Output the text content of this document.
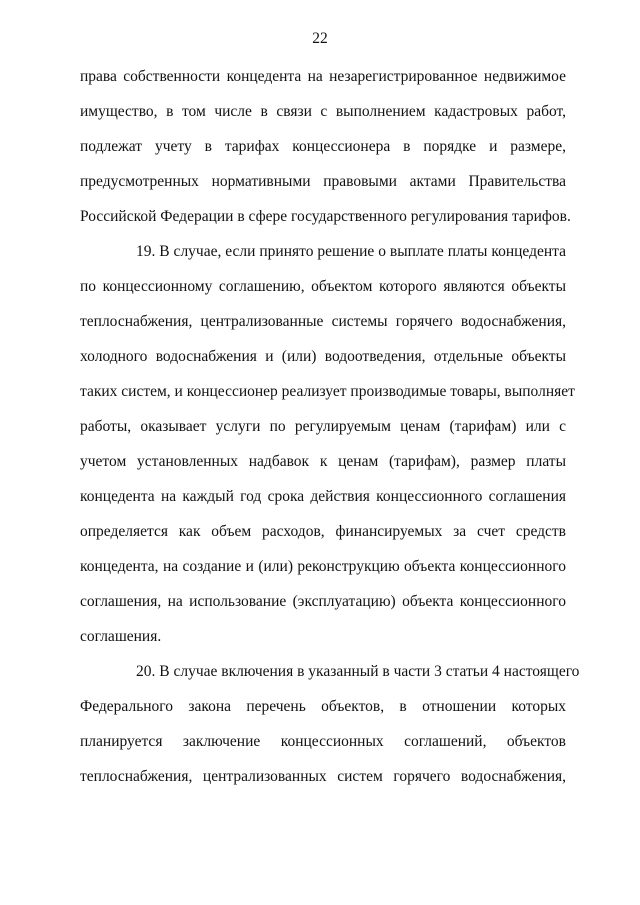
22
права собственности концедента на незарегистрированное недвижимое
имущество, в том числе в связи с выполнением кадастровых работ,
подлежат учету в тарифах концессионера в порядке и размере,
предусмотренных нормативными правовыми актами Правительства
Российской Федерации в сфере государственного регулирования тарифов.
19. В случае, если принято решение о выплате платы концедента
по концессионному соглашению, объектом которого являются объекты
теплоснабжения, централизованные системы горячего водоснабжения,
холодного водоснабжения и (или) водоотведения, отдельные объекты
таких систем, и концессионер реализует производимые товары, выполняет
работы, оказывает услуги по регулируемым ценам (тарифам) или с
учетом установленных надбавок к ценам (тарифам), размер платы
концедента на каждый год срока действия концессионного соглашения
определяется как объем расходов, финансируемых за счет средств
концедента, на создание и (или) реконструкцию объекта концессионного
соглашения, на использование (эксплуатацию) объекта концессионного
соглашения.
20. В случае включения в указанный в части 3 статьи 4 настоящего
Федерального закона перечень объектов, в отношении которых
планируется заключение концессионных соглашений, объектов
теплоснабжения, централизованных систем горячего водоснабжения,
